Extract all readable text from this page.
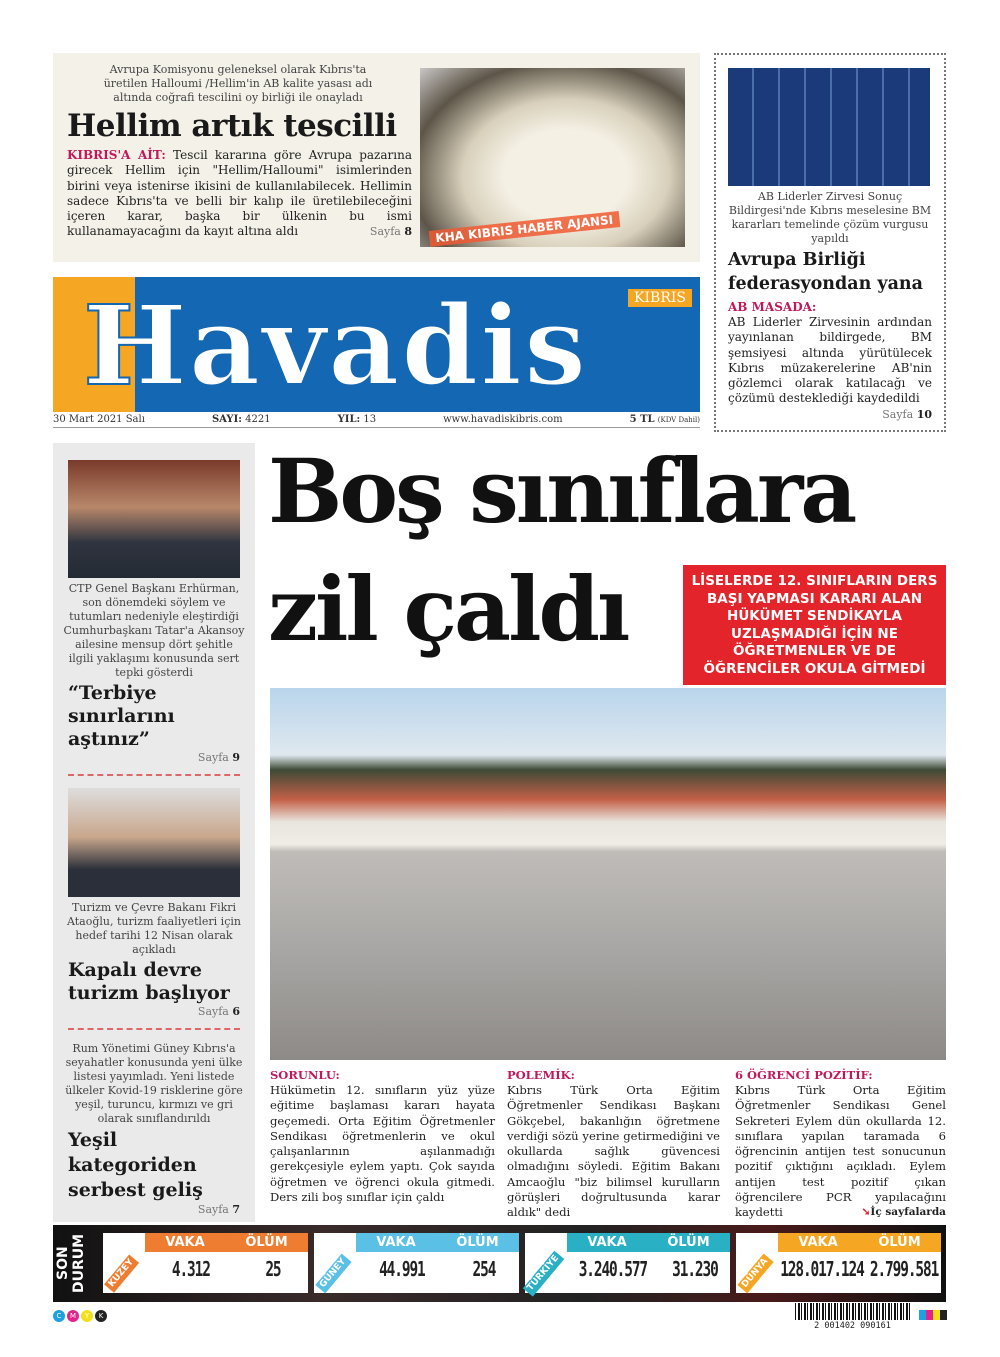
Avrupa Komisyonu geleneksel olarak Kıbrıs'ta üretilen Halloumi /Hellim'in AB kalite yasası adı altında coğrafi tescilini oy birliği ile onayladı
Hellim artık tescilli
KIBRIS'A AİT: Tescil kararına göre Avrupa pazarına girecek Hellim için "Hellim/Halloumi" isimlerinden birini veya istenirse ikisini de kullanılabilecek. Hellimin sadece Kıbrıs'ta ve belli bir kalıp ile üretilebileceğini içeren karar, başka bir ülkenin bu ismi kullanamayacağını da kayıt altına aldı	Sayfa 8	KHA KIBRIS HABER AJANSI
AB Liderler Zirvesi Sonuç Bildirgesi'nde Kıbrıs meselesine BM kararları temelinde çözüm vurgusu yapıldı
Avrupa Birliği federasyondan yana
AB MASADA:
AB Liderler Zirvesinin ardından yayınlanan bildirgede, BM şemsiyesi altında yürütülecek Kıbrıs müzakerelerine AB'nin gözlemci olarak katılacağı ve çözümü desteklediği kaydedildi
Sayfa 10
Havadis	KIBRIS
30 Mart 2021 Salı	SAYI: 4221	YIL: 13	www.havadiskibris.com	5 TL (KDV Dahil)
CTP Genel Başkanı Erhürman, son dönemdeki söylem ve tutumları nedeniyle eleştirdiği Cumhurbaşkanı Tatar'a Akansoy ailesine mensup dört şehitle ilgili yaklaşımı konusunda sert tepki gösterdi
“Terbiye sınırlarını aştınız”
Sayfa 9
Turizm ve Çevre Bakanı Fikri Ataoğlu, turizm faaliyetleri için hedef tarihi 12 Nisan olarak açıkladı
Kapalı devre turizm başlıyor
Sayfa 6
Rum Yönetimi Güney Kıbrıs'a seyahatler konusunda yeni ülke listesi yayımladı. Yeni listede ülkeler Kovid-19 risklerine göre yeşil, turuncu, kırmızı ve gri olarak sınıflandırıldı
Yeşil kategoriden serbest geliş
Sayfa 7
Boş sınıflara
zil çaldı	LİSELERDE 12. SINIFLARIN DERS BAŞI YAPMASI KARARI ALAN HÜKÜMET SENDİKAYLA UZLAŞMADIĞI İÇİN NE ÖĞRETMENLER VE DE ÖĞRENCİLER OKULA GİTMEDİ
SORUNLU:
Hükümetin 12. sınıfların yüz yüze eğitime başlaması kararı hayata geçemedi. Orta Eğitim Öğretmenler Sendikası öğretmenlerin ve okul çalışanlarının aşılanmadığı gerekçesiyle eylem yaptı. Çok sayıda öğretmen ve öğrenci okula gitmedi. Ders zili boş sınıflar için çaldı
POLEMİK:
Kıbrıs Türk Orta Eğitim Öğretmenler Sendikası Başkanı Gökçebel, bakanlığın öğretmene verdiği sözü yerine getirmediğini ve okullarda sağlık güvencesi olmadığını söyledi. Eğitim Bakanı Amcaoğlu "biz bilimsel kurulların görüşleri doğrultusunda karar aldık" dedi
6 ÖĞRENCİ POZİTİF:
Kıbrıs Türk Orta Eğitim Öğretmenler Sendikası Genel Sekreteri Eylem dün okullarda 12. sınıflara yapılan taramada 6 öğrencinin antijen test sonucunun pozitif çıktığını açıkladı. Eylem antijen test pozitif çıkan öğrencilere PCR yapılacağını kaydetti	➘İç sayfalarda
SON DURUM	VAKA	ÖLÜM
KUZEY 4.312	25
VAKA	ÖLÜM
GÜNEY 44.991 254
VAKA	ÖLÜM
TÜRKİYE 3.240.577 31.230
VAKA	ÖLÜM
DÜNYA 128.017.124 2.799.581
C	M	Y	K
2 001402 090161
